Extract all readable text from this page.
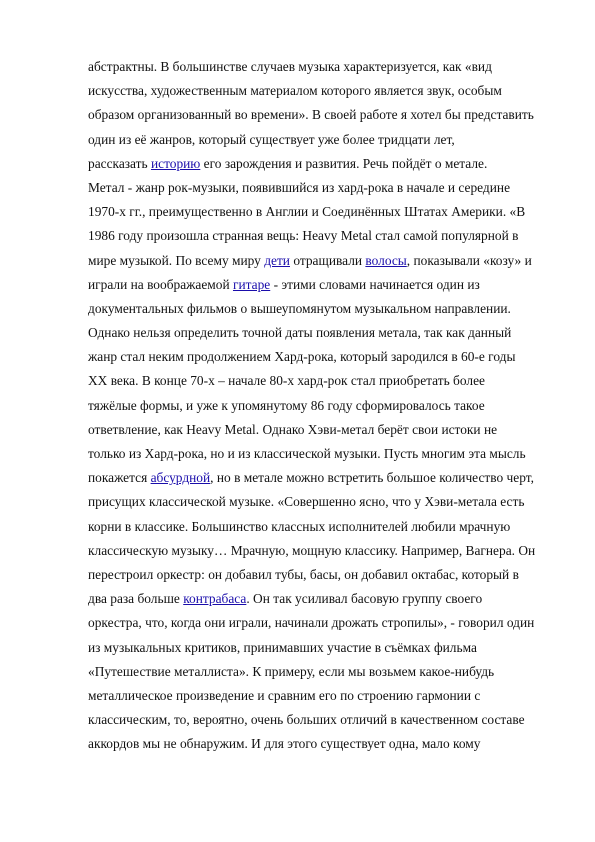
абстрактны. В большинстве случаев музыка характеризуется, как «вид
искусства, художественным материалом которого является звук, особым
образом организованный во времени». В своей работе я хотел бы представить
один из её жанров, который существует уже более тридцати лет,
рассказать историю его зарождения и развития. Речь пойдёт о метале.
Метал - жанр рок-музыки, появившийся из хард-рока в начале и середине
1970-х гг., преимущественно в Англии и Соединённых Штатах Америки. «В
1986 году произошла странная вещь: Heavy Metal стал самой популярной в
мире музыкой. По всему миру дети отращивали волосы, показывали «козу» и
играли на воображаемой гитаре - этими словами начинается один из
документальных фильмов о вышеупомянутом музыкальном направлении.
Однако нельзя определить точной даты появления метала, так как данный
жанр стал неким продолжением Хард-рока, который зародился в 60-е годы
XX века. В конце 70-х – начале 80-х хард-рок стал приобретать более
тяжёлые формы, и уже к упомянутому 86 году сформировалось такое
ответвление, как Heavy Metal. Однако Хэви-метал берёт свои истоки не
только из Хард-рока, но и из классической музыки. Пусть многим эта мысль
покажется абсурдной, но в метале можно встретить большое количество черт,
присущих классической музыке. «Совершенно ясно, что у Хэви-метала есть
корни в классике. Большинство классных исполнителей любили мрачную
классическую музыку… Мрачную, мощную классику. Например, Вагнера. Он
перестроил оркестр: он добавил тубы, басы, он добавил октабас, который в
два раза больше контрабаса. Он так усиливал басовую группу своего
оркестра, что, когда они играли, начинали дрожать стропилы», - говорил один
из музыкальных критиков, принимавших участие в съёмках фильма
«Путешествие металлиста». К примеру, если мы возьмем какое-нибудь
металлическое произведение и сравним его по строению гармонии с
классическим, то, вероятно, очень больших отличий в качественном составе
аккордов мы не обнаружим. И для этого существует одна, мало кому
